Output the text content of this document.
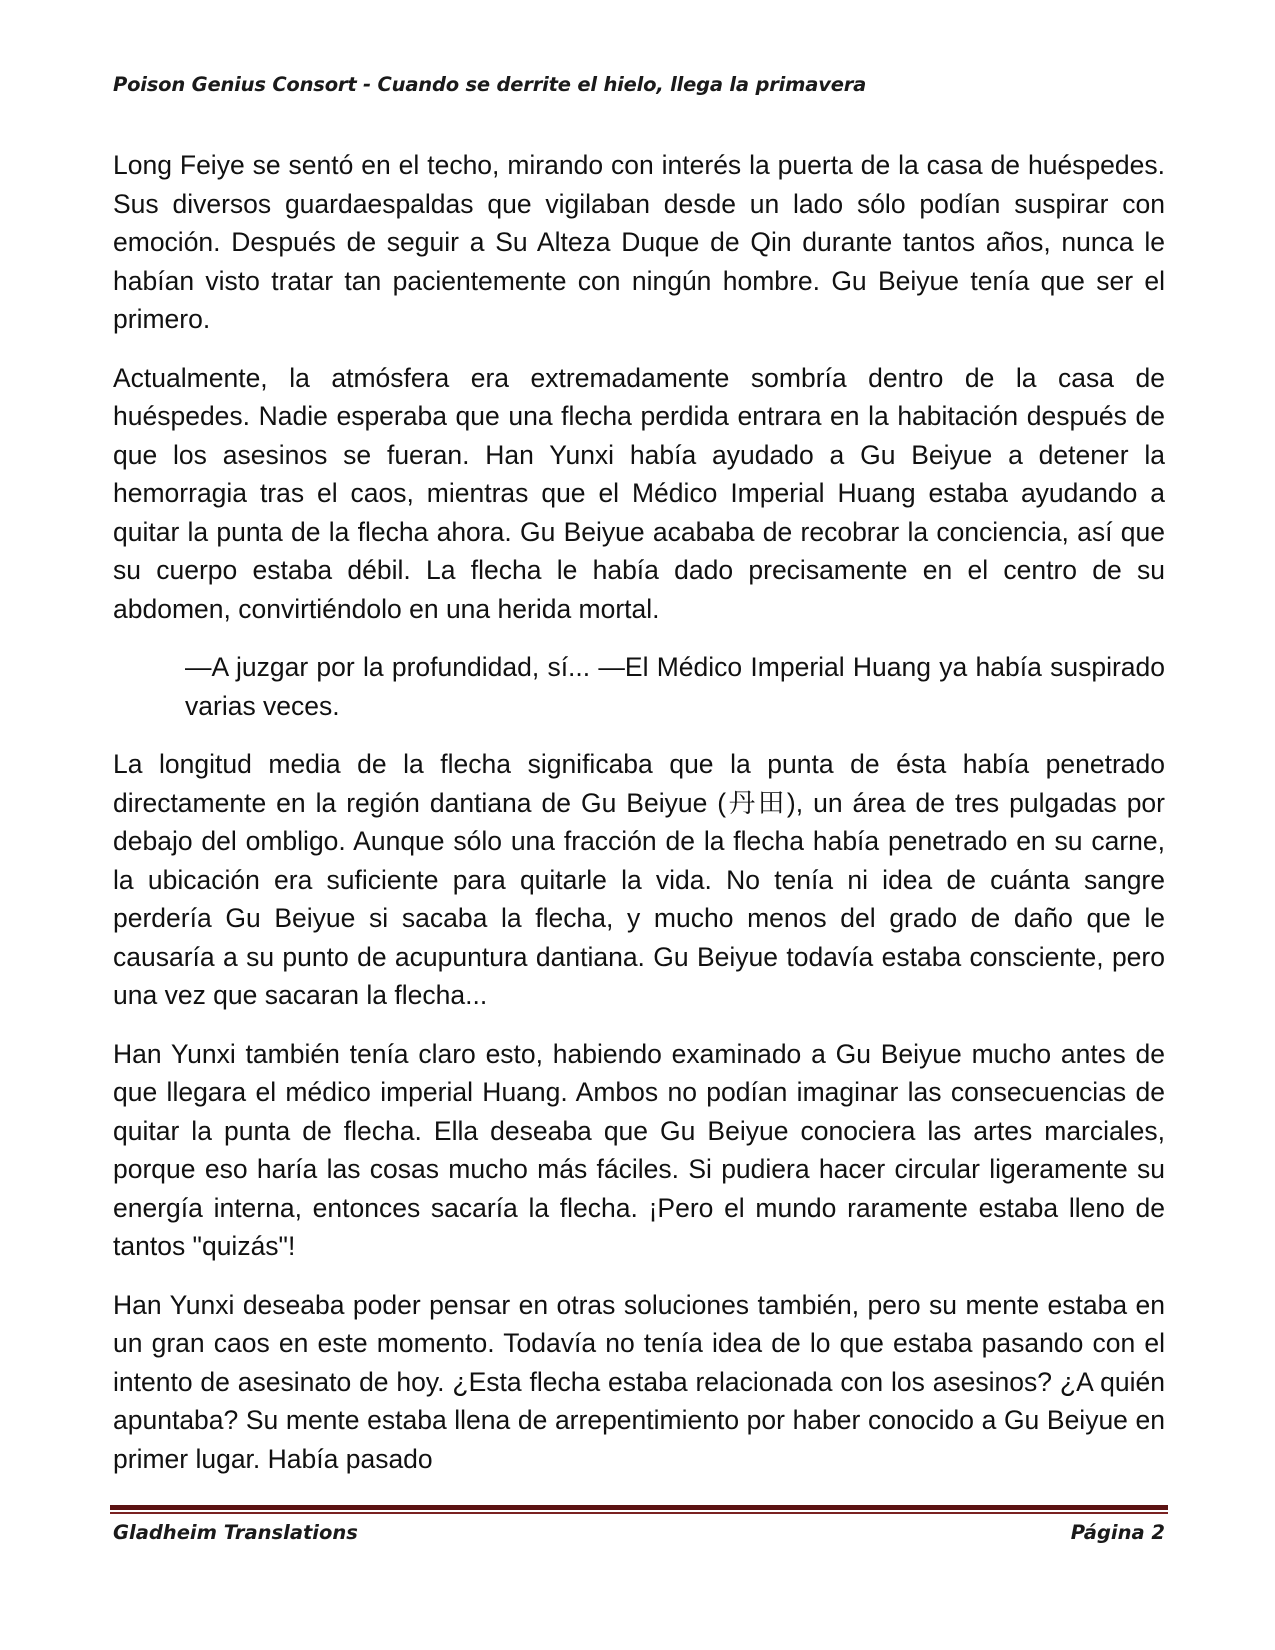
Poison Genius Consort - Cuando se derrite el hielo, llega la primavera

Long Feiye se sentó en el techo, mirando con interés la puerta de la casa de huéspedes. Sus diversos guardaespaldas que vigilaban desde un lado sólo podían suspirar con emoción. Después de seguir a Su Alteza Duque de Qin durante tantos años, nunca le habían visto tratar tan pacientemente con ningún hombre. Gu Beiyue tenía que ser el primero.

Actualmente, la atmósfera era extremadamente sombría dentro de la casa de huéspedes. Nadie esperaba que una flecha perdida entrara en la habitación después de que los asesinos se fueran. Han Yunxi había ayudado a Gu Beiyue a detener la hemorragia tras el caos, mientras que el Médico Imperial Huang estaba ayudando a quitar la punta de la flecha ahora. Gu Beiyue acababa de recobrar la conciencia, así que su cuerpo estaba débil. La flecha le había dado precisamente en el centro de su abdomen, convirtiéndolo en una herida mortal.

—A juzgar por la profundidad, sí... —El Médico Imperial Huang ya había suspirado varias veces.

La longitud media de la flecha significaba que la punta de ésta había penetrado directamente en la región dantiana de Gu Beiyue (丹田), un área de tres pulgadas por debajo del ombligo. Aunque sólo una fracción de la flecha había penetrado en su carne, la ubicación era suficiente para quitarle la vida. No tenía ni idea de cuánta sangre perdería Gu Beiyue si sacaba la flecha, y mucho menos del grado de daño que le causaría a su punto de acupuntura dantiana. Gu Beiyue todavía estaba consciente, pero una vez que sacaran la flecha...

Han Yunxi también tenía claro esto, habiendo examinado a Gu Beiyue mucho antes de que llegara el médico imperial Huang. Ambos no podían imaginar las consecuencias de quitar la punta de flecha. Ella deseaba que Gu Beiyue conociera las artes marciales, porque eso haría las cosas mucho más fáciles. Si pudiera hacer circular ligeramente su energía interna, entonces sacaría la flecha. ¡Pero el mundo raramente estaba lleno de tantos "quizás"!

Han Yunxi deseaba poder pensar en otras soluciones también, pero su mente estaba en un gran caos en este momento. Todavía no tenía idea de lo que estaba pasando con el intento de asesinato de hoy. ¿Esta flecha estaba relacionada con los asesinos? ¿A quién apuntaba? Su mente estaba llena de arrepentimiento por haber conocido a Gu Beiyue en primer lugar. Había pasado

Gladheim Translations	Página 2
